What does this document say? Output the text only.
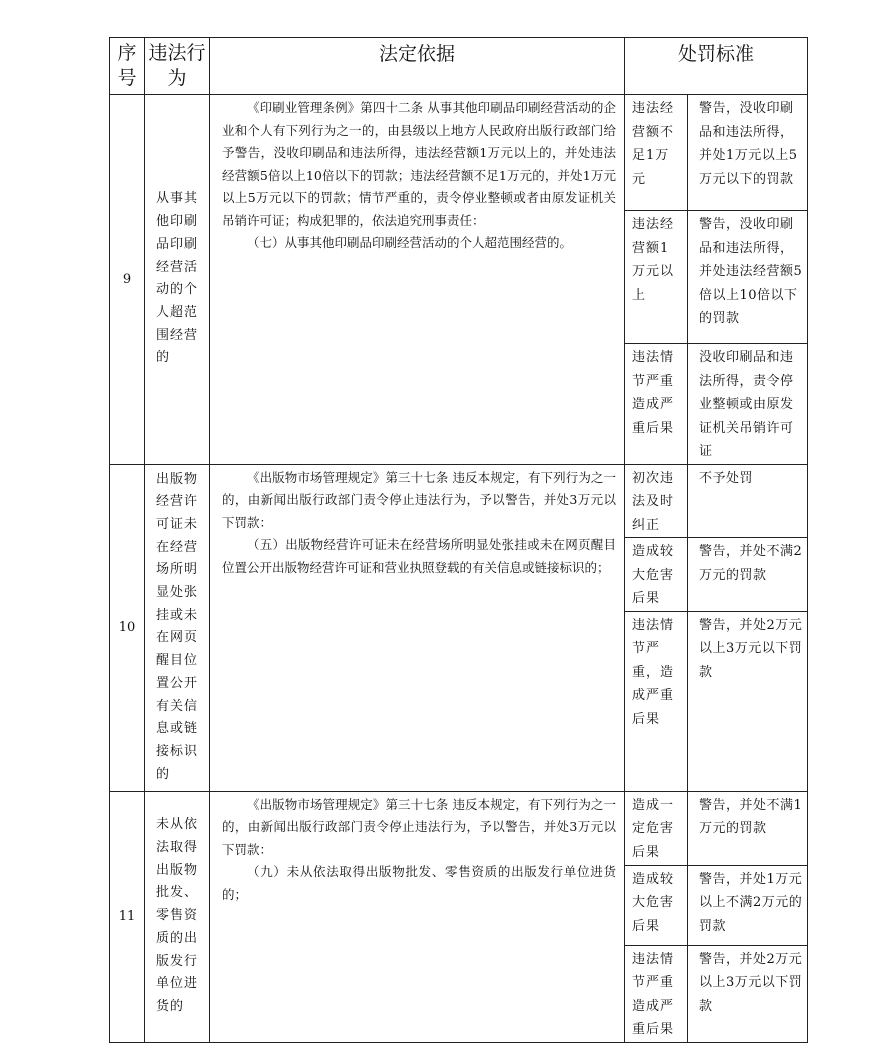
序号	违法行为	法定依据	处罚标准	
9	从事其他印刷品印刷经营活动的个人超范围经营的	《印刷业管理条例》第四十二条 从事其他印刷品印刷经营活动的企业和个人有下列行为之一的，由县级以上地方人民政府出版行政部门给予警告，没收印刷品和违法所得，违法经营额1万元以上的，并处违法经营额5倍以上10倍以下的罚款；违法经营额不足1万元的，并处1万元以上5万元以下的罚款；情节严重的，责令停业整顿或者由原发证机关吊销许可证；构成犯罪的，依法追究刑事责任：

（七）从事其他印刷品印刷经营活动的个人超范围经营的。	违法经营额不足1万元	警告，没收印刷品和违法所得，并处1万元以上5万元以下的罚款
			违法经营额1万元以上	警告，没收印刷品和违法所得，并处违法经营额5倍以上10倍以下的罚款
			违法情节严重造成严重后果	没收印刷品和违法所得，责令停业整顿或由原发证机关吊销许可证
10	出版物经营许可证未在经营场所明显处张挂或未在网页醒目位置公开有关信息或链接标识的	《出版物市场管理规定》第三十七条 违反本规定，有下列行为之一的，由新闻出版行政部门责令停止违法行为，予以警告，并处3万元以下罚款：

（五）出版物经营许可证未在经营场所明显处张挂或未在网页醒目位置公开出版物经营许可证和营业执照登载的有关信息或链接标识的；	初次违法及时纠正	不予处罚
			造成较大危害后果	警告，并处不满2万元的罚款
			违法情节严重，造成严重后果	警告，并处2万元以上3万元以下罚款
11	未从依法取得出版物批发、零售资质的出版发行单位进货的	《出版物市场管理规定》第三十七条 违反本规定，有下列行为之一的，由新闻出版行政部门责令停止违法行为，予以警告，并处3万元以下罚款：

（九）未从依法取得出版物批发、零售资质的出版发行单位进货的；	造成一定危害后果	警告，并处不满1万元的罚款
			造成较大危害后果	警告，并处1万元以上不满2万元的罚款
			违法情节严重造成严重后果	警告，并处2万元以上3万元以下罚款
